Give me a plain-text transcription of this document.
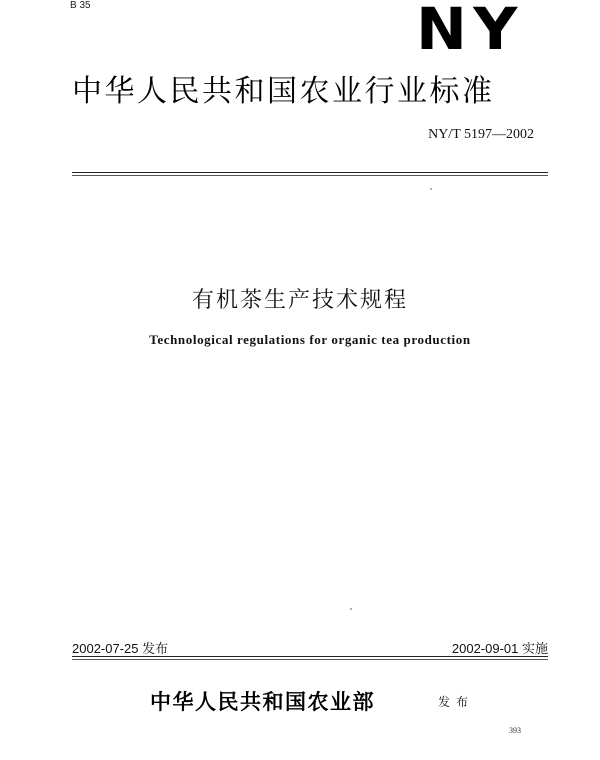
B 35	NY
中华人民共和国农业行业标准
NY/T 5197—2002
有机茶生产技术规程
Technological regulations for organic tea production
2002-07-25 发布	2002-09-01 实施
中华人民共和国农业部	发布
393
